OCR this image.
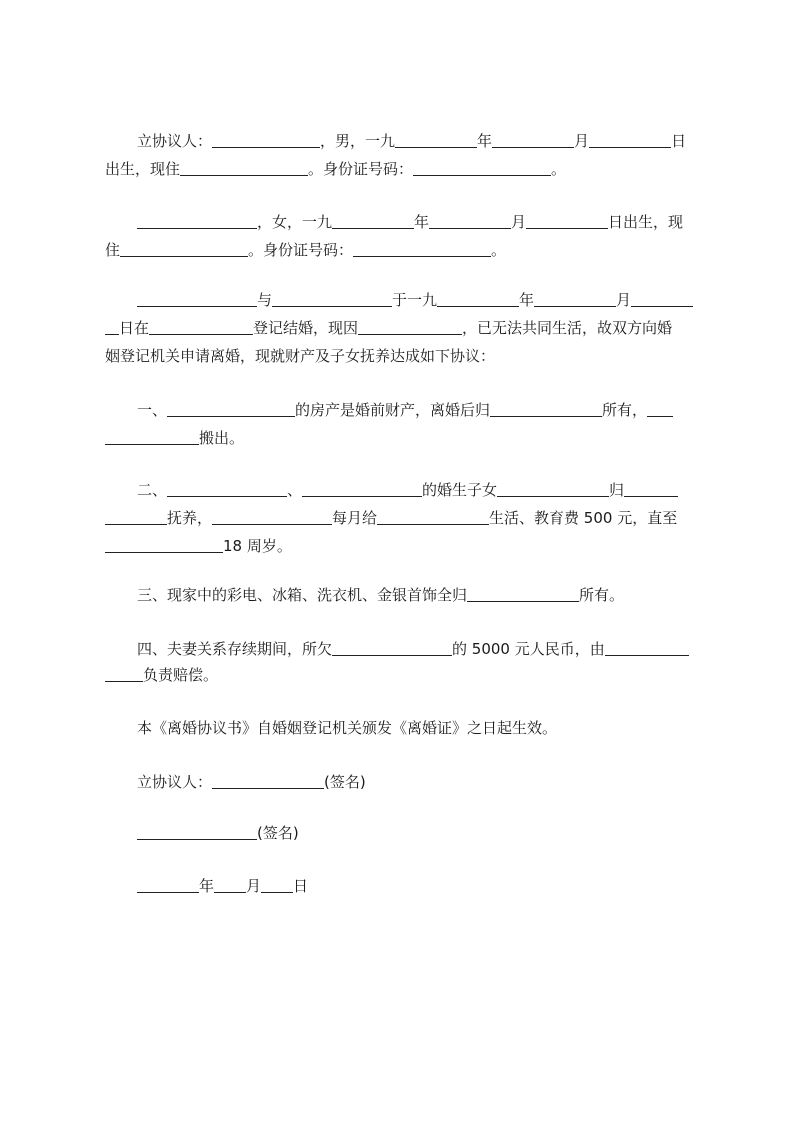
立协议人：	，男，一九	年	月	日
出生，现住	。身份证号码：	。
，女，一九	年	月	日出生，现
住	。身份证号码：	。
与	于一九	年	月
日在	登记结婚，现因	，已无法共同生活，故双方向婚
姻登记机关申请离婚，现就财产及子女抚养达成如下协议：
一、	的房产是婚前财产，离婚后归	所有，
搬出。
二、	、	的婚生子女	归
抚养，	每月给	生活、教育费 500 元，直至
18 周岁。
三、现家中的彩电、冰箱、洗衣机、金银首饰全归	所有。
四、夫妻关系存续期间，所欠	的 5000 元人民币，由
负责赔偿。
本《离婚协议书》自婚姻登记机关颁发《离婚证》之日起生效。
立协议人：	(签名)
(签名)
年 月 日
